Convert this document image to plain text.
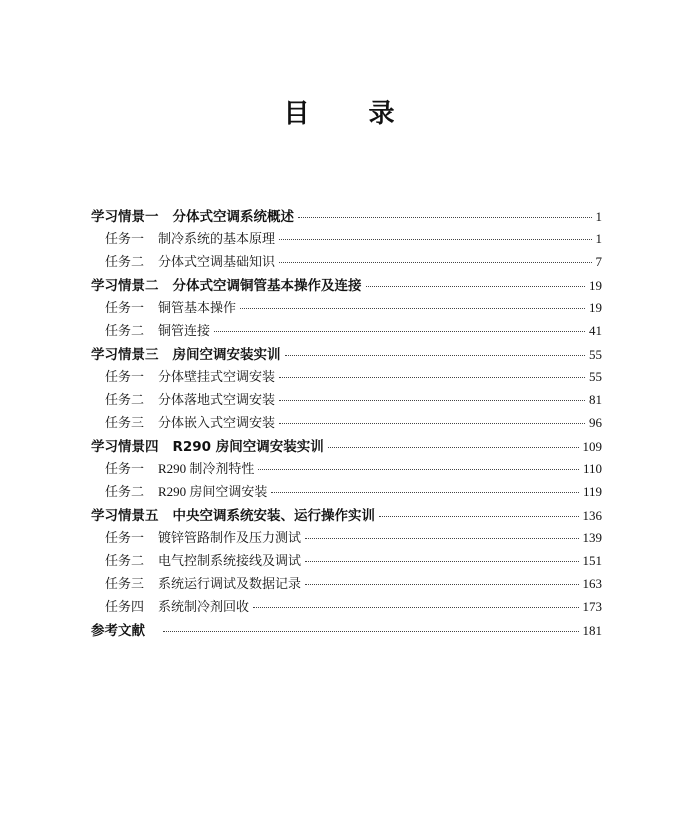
目 录
学习情景一 分体式空调系统概述	1
任务一 制冷系统的基本原理	1
任务二 分体式空调基础知识	7
学习情景二 分体式空调铜管基本操作及连接	19
任务一 铜管基本操作	19
任务二 铜管连接	41
学习情景三 房间空调安装实训	55
任务一 分体壁挂式空调安装	55
任务二 分体落地式空调安装	81
任务三 分体嵌入式空调安装	96
学习情景四 R290 房间空调安装实训	109
任务一 R290 制冷剂特性	110
任务二 R290 房间空调安装	119
学习情景五 中央空调系统安装、运行操作实训	136
任务一 镀锌管路制作及压力测试	139
任务二 电气控制系统接线及调试	151
任务三 系统运行调试及数据记录	163
任务四 系统制冷剂回收	173
参考文献	181
